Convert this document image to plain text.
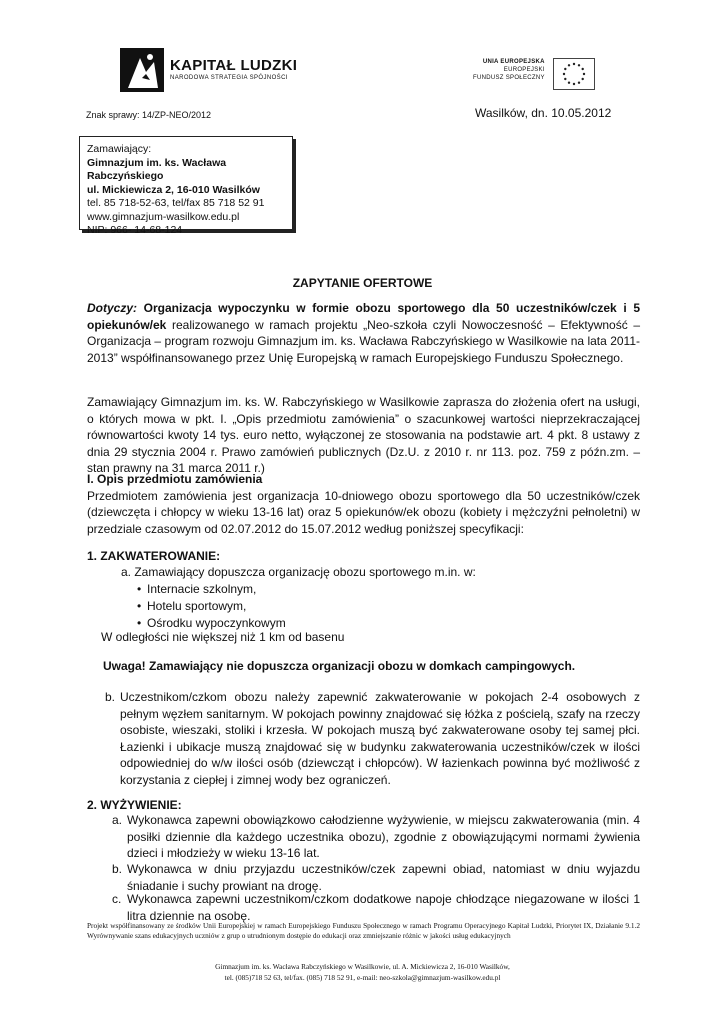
KAPITAŁ LUDZKI
NARODOWA STRATEGIA SPÓJNOŚCI
UNIA EUROPEJSKA
EUROPEJSKI
FUNDUSZ SPOŁECZNY
Znak sprawy: 14/ZP-NEO/2012	Wasilków, dn. 10.05.2012
Zamawiający:
Gimnazjum im. ks. Wacława Rabczyńskiego
ul. Mickiewicza 2, 16-010 Wasilków
tel. 85 718-52-63, tel/fax 85 718 52 91
www.gimnazjum-wasilkow.edu.pl
NIP: 966- 14-68-124
ZAPYTANIE OFERTOWE
Dotyczy: Organizacja wypoczynku w formie obozu sportowego dla 50 uczestników/czek i 5 opiekunów/ek realizowanego w ramach projektu „Neo-szkoła czyli Nowoczesność – Efektywność – Organizacja – program rozwoju Gimnazjum im. ks. Wacława Rabczyńskiego w Wasilkowie na lata 2011-2013” współfinansowanego przez Unię Europejską w ramach Europejskiego Funduszu Społecznego.
Zamawiający Gimnazjum im. ks. W. Rabczyńskiego w Wasilkowie zaprasza do złożenia ofert na usługi, o których mowa w pkt. I. „Opis przedmiotu zamówienia” o szacunkowej wartości nieprzekraczającej równowartości kwoty 14 tys. euro netto, wyłączonej ze stosowania na podstawie art. 4 pkt. 8 ustawy z dnia 29 stycznia 2004 r. Prawo zamówień publicznych (Dz.U. z 2010 r. nr 113. poz. 759 z późn.zm. – stan prawny na 31 marca 2011 r.)
I. Opis przedmiotu zamówienia
Przedmiotem zamówienia jest organizacja 10-dniowego obozu sportowego dla 50 uczestników/czek (dziewczęta i chłopcy w wieku 13-16 lat) oraz 5 opiekunów/ek obozu (kobiety i mężczyźni pełnoletni) w przedziale czasowym od 02.07.2012 do 15.07.2012 według poniższej specyfikacji:
1. ZAKWATEROWANIE:
a. Zamawiający dopuszcza organizację obozu sportowego m.in. w:
• Internacie szkolnym,
• Hotelu sportowym,
• Ośrodku wypoczynkowym
W odległości nie większej niż 1 km od basenu
Uwaga! Zamawiający nie dopuszcza organizacji obozu w domkach campingowych.
b. Uczestnikom/czkom obozu należy zapewnić zakwaterowanie w pokojach 2-4 osobowych z pełnym węzłem sanitarnym. W pokojach powinny znajdować się łóżka z pościelą, szafy na rzeczy osobiste, wieszaki, stoliki i krzesła. W pokojach muszą być zakwaterowane osoby tej samej płci. Łazienki i ubikacje muszą znajdować się w budynku zakwaterowania uczestników/czek w ilości odpowiedniej do w/w ilości osób (dziewcząt i chłopców). W łazienkach powinna być możliwość z korzystania z ciepłej i zimnej wody bez ograniczeń.
2. WYŻYWIENIE:
a. Wykonawca zapewni obowiązkowo całodzienne wyżywienie, w miejscu zakwaterowania (min. 4 posiłki dziennie dla każdego uczestnika obozu), zgodnie z obowiązującymi normami żywienia dzieci i młodzieży w wieku 13-16 lat.
b. Wykonawca w dniu przyjazdu uczestników/czek zapewni obiad, natomiast w dniu wyjazdu śniadanie i suchy prowiant na drogę.
c. Wykonawca zapewni uczestnikom/czkom dodatkowe napoje chłodzące niegazowane w ilości 1 litra dziennie na osobę.
Projekt współfinansowany ze środków Unii Europejskiej w ramach Europejskiego Funduszu Społecznego w ramach Programu Operacyjnego Kapitał Ludzki, Priorytet IX, Działanie 9.1.2 Wyrównywanie szans edukacyjnych uczniów z grup o utrudnionym dostępie do edukacji oraz zmniejszanie różnic w jakości usług edukacyjnych
Gimnazjum im. ks. Wacława Rabczyńskiego w Wasilkowie, ul. A. Mickiewicza 2, 16-010 Wasilków,
tel. (085)718 52 63, tel/fax. (085) 718 52 91, e-mail: neo-szkola@gimnazjum-wasilkow.edu.pl
